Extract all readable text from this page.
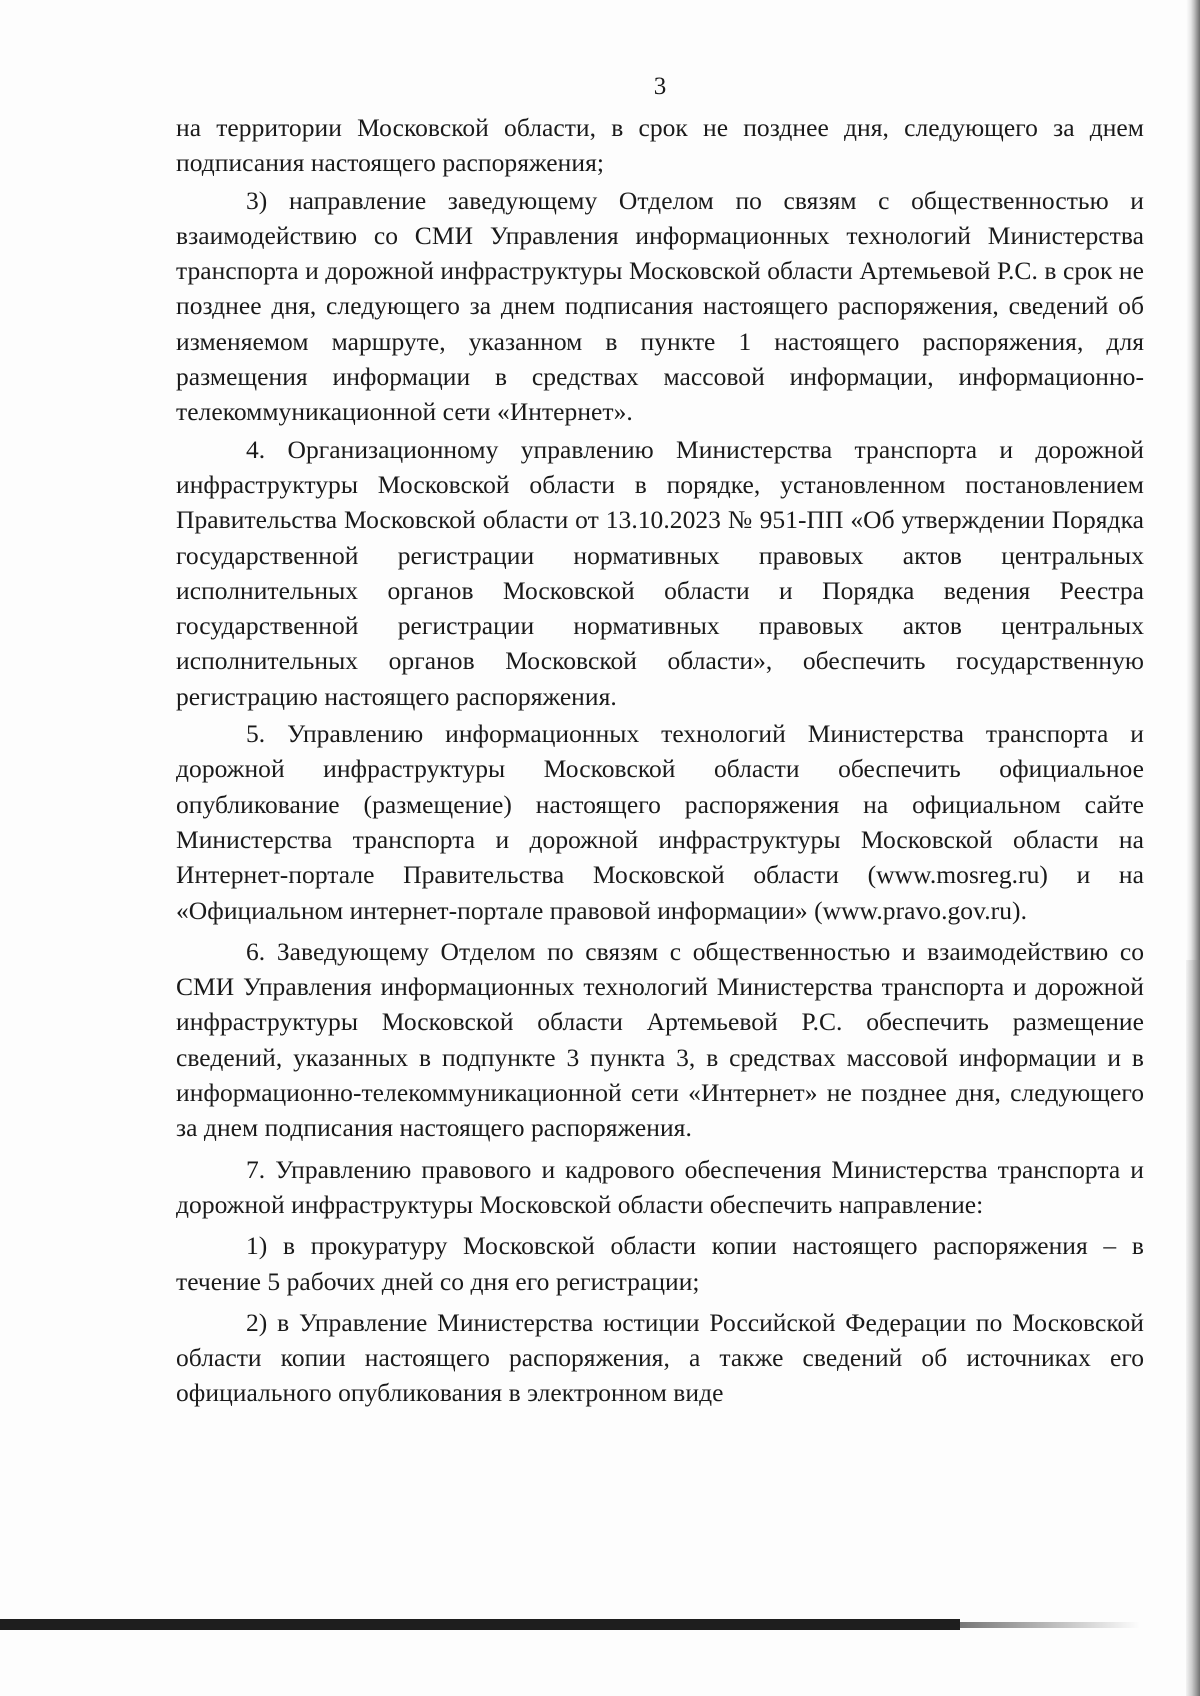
3

на территории Московской области, в срок не позднее дня, следующего за днем подписания настоящего распоряжения;

3) направление заведующему Отделом по связям с общественностью и взаимодействию со СМИ Управления информационных технологий Министерства транспорта и дорожной инфраструктуры Московской области Артемьевой Р.С. в срок не позднее дня, следующего за днем подписания настоящего распоряжения, сведений об изменяемом маршруте, указанном в пункте 1 настоящего распоряжения, для размещения информации в средствах массовой информации, информационно-телекоммуникационной сети «Интернет».

4. Организационному управлению Министерства транспорта и дорожной инфраструктуры Московской области в порядке, установленном постановлением Правительства Московской области от 13.10.2023 № 951-ПП «Об утверждении Порядка государственной регистрации нормативных правовых актов центральных исполнительных органов Московской области и Порядка ведения Реестра государственной регистрации нормативных правовых актов центральных исполнительных органов Московской области», обеспечить государственную регистрацию настоящего распоряжения.

5. Управлению информационных технологий Министерства транспорта и дорожной инфраструктуры Московской области обеспечить официальное опубликование (размещение) настоящего распоряжения на официальном сайте Министерства транспорта и дорожной инфраструктуры Московской области на Интернет-портале Правительства Московской области (www.mosreg.ru) и на «Официальном интернет-портале правовой информации» (www.pravo.gov.ru).

6. Заведующему Отделом по связям с общественностью и взаимодействию со СМИ Управления информационных технологий Министерства транспорта и дорожной инфраструктуры Московской области Артемьевой Р.С. обеспечить размещение сведений, указанных в подпункте 3 пункта 3, в средствах массовой информации и в информационно-телекоммуникационной сети «Интернет» не позднее дня, следующего за днем подписания настоящего распоряжения.

7. Управлению правового и кадрового обеспечения Министерства транспорта и дорожной инфраструктуры Московской области обеспечить направление:

1) в прокуратуру Московской области копии настоящего распоряжения – в течение 5 рабочих дней со дня его регистрации;

2) в Управление Министерства юстиции Российской Федерации по Московской области копии настоящего распоряжения, а также сведений об источниках его официального опубликования в электронном виде
